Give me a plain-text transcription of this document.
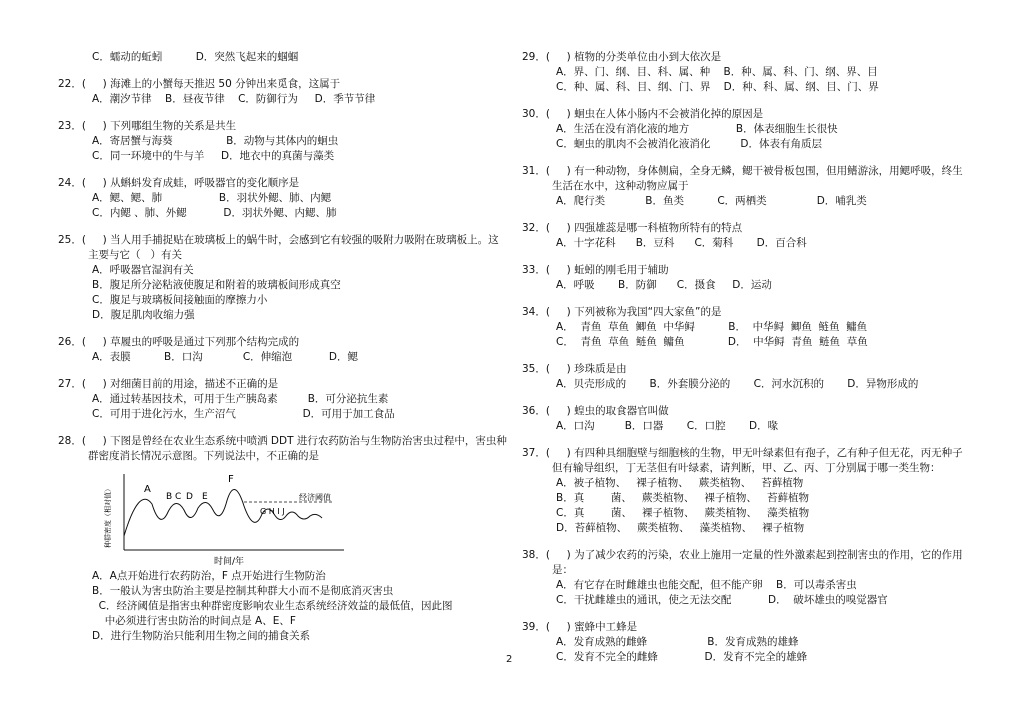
C．蠕动的蚯蚓          D．突然飞起来的蝈蝈
22．(     ) 海滩上的小蟹每天推迟 50 分钟出来觅食，这属于
A．潮汐节律    B．昼夜节律    C．防御行为     D．季节节律
23．(     ) 下列哪组生物的关系是共生
A．寄居蟹与海葵                B．动物与其体内的蛔虫
C．同一环境中的牛与羊     D．地衣中的真菌与藻类
24．(     ) 从蝌蚪发育成蛙，呼吸器官的变化顺序是
A．鳃、鳃、肺                 B．羽状外鳃、肺、内鳃
C．内鳃 、肺、外鳃           D．羽状外鳃、内鳃、肺
25．(     ) 当人用手捕捉贴在玻璃板上的蜗牛时，会感到它有较强的吸附力吸附在玻璃板上。这
主要与它（   ）有关
A．呼吸器官湿润有关
B．腹足所分泌粘液使腹足和附着的玻璃板间形成真空
C．腹足与玻璃板间接触面的摩擦力小
D．腹足肌肉收缩力强
26．(     ) 草履虫的呼吸是通过下列那个结构完成的
A．表膜          B．口沟            C．伸缩泡           D．鳃
27．(     ) 对细菌目前的用途，描述不正确的是
A．通过转基因技术，可用于生产胰岛素         B．可分泌抗生素
C．可用于进化污水，生产沼气                    D．可用于加工食品
28．(     ) 下图是曾经在农业生态系统中喷洒 DDT 进行农药防治与生物防治害虫过程中，害虫种
群密度消长情况示意图。下列说法中，不正确的是
A
B C D E
F
G H I J
经济阈值
时间/年
种群密度（相对值）
A．A点开始进行农药防治，F 点开始进行生物防治
B．一般认为害虫防治主要是控制其种群大小而不是彻底消灭害虫
C．经济阈值是指害虫种群密度影响农业生态系统经济效益的最低值，因此图
中必须进行害虫防治的时间点是 A、E、F
D．进行生物防治只能利用生物之间的捕食关系
29．(     ) 植物的分类单位由小到大依次是
A．界、门、纲、目、科、属、种    B．种、属、科、门、纲、界、目
C．种、属、科、目、纲、门、界    D．种、科、属、纲、目、门、界
30．(     ) 蛔虫在人体小肠内不会被消化掉的原因是
A．生活在没有消化液的地方              B．体表细胞生长很快
C．蛔虫的肌肉不会被消化液消化         D．体表有角质层
31．(     ) 有一种动物，身体侧扁，全身无鳞，鳃干被骨板包围，但用鳍游泳，用鳃呼吸，终生
生活在水中，这种动物应属于
A．爬行类            B．鱼类          C．两栖类               D．哺乳类
32．(     ) 四强雄蕊是哪一科植物所特有的特点
A．十字花科      B．豆科      C．菊科       D．百合科
33．(     ) 蚯蚓的刚毛用于辅助
A．呼吸       B．防御      C．摄食     D．运动
34．(     ) 下列被称为我国“四大家鱼”的是
A．  青鱼  草鱼  鲫鱼  中华鲟          B．  中华鲟  鲫鱼  鲢鱼  鳙鱼
C．  青鱼  草鱼  鲢鱼  鳙鱼             D．  中华鲟  青鱼  鲢鱼  草鱼
35．(     ) 珍珠质是由
A．贝壳形成的       B．外套膜分泌的       C．河水沉积的       D．异物形成的
36．(     ) 蝗虫的取食器官叫做
A．口沟         B．口器       C．口腔       D．喙
37．(     ) 有四种具细胞壁与细胞核的生物，甲无叶绿素但有孢子，乙有种子但无花，丙无种子
但有输导组织，丁无茎但有叶绿素，请判断，甲、乙、丙、丁分别属于哪一类生物：
A．被子植物、   裸子植物、   蕨类植物、   苔藓植物
B．真        菌、   蕨类植物、   裸子植物、   苔藓植物
C．真        菌、   裸子植物、   蕨类植物、   藻类植物
D．苔藓植物、   蕨类植物、   藻类植物、   裸子植物
38．(     ) 为了减少农药的污染，农业上施用一定量的性外激素起到控制害虫的作用，它的作用
是：
A．有它存在时雌雄虫也能交配，但不能产卵    B．可以毒杀害虫
C．干扰雌雄虫的通讯，使之无法交配           D．  破坏雄虫的嗅觉器官
39．(     ) 蜜蜂中工蜂是
A．发育成熟的雌蜂                  B．发育成熟的雄蜂
C．发育不完全的雌蜂              D．发育不完全的雄蜂
2
